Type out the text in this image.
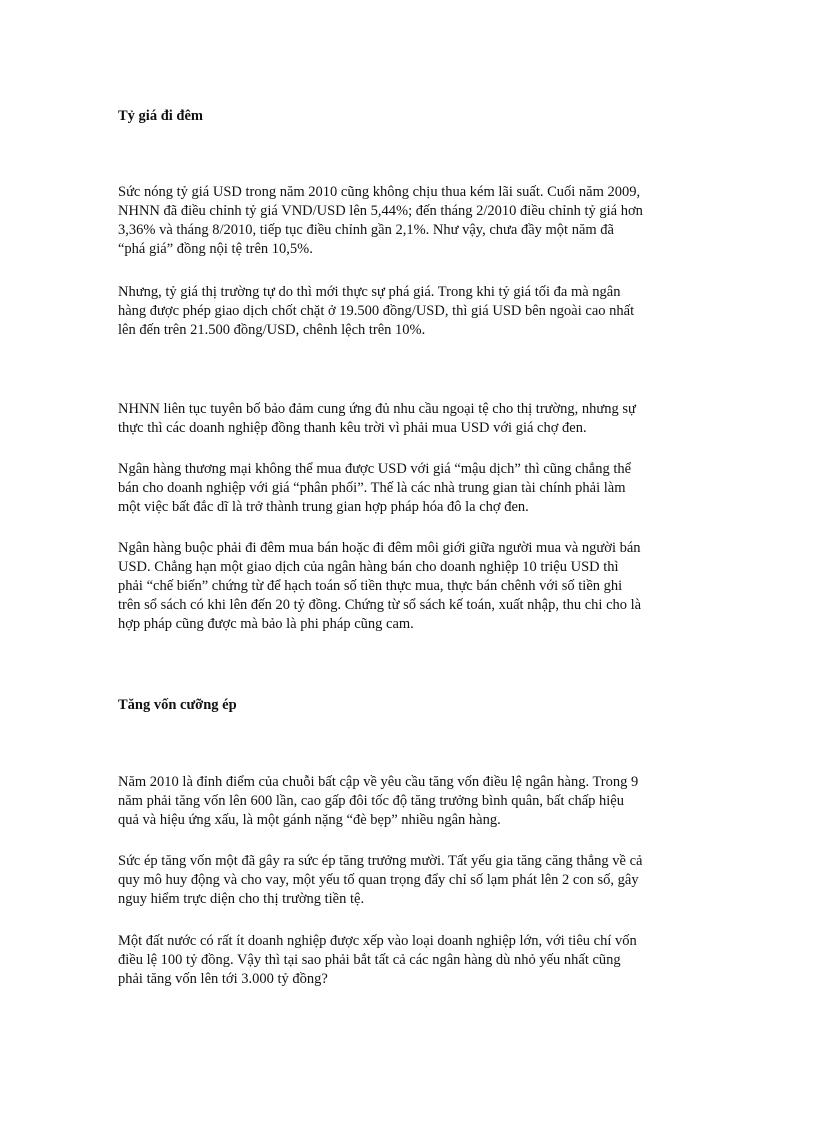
Tỷ giá đi đêm
Sức nóng tỷ giá USD trong năm 2010 cũng không chịu thua kém lãi suất. Cuối năm 2009,
NHNN đã điều chỉnh tỷ giá VND/USD lên 5,44%; đến tháng 2/2010 điều chỉnh tỷ giá hơn
3,36% và tháng 8/2010, tiếp tục điều chỉnh gần 2,1%. Như vậy, chưa đầy một năm đã
“phá giá” đồng nội tệ trên 10,5%.
Nhưng, tỷ giá thị trường tự do thì mới thực sự phá giá. Trong khi tỷ giá tối đa mà ngân
hàng được phép giao dịch chốt chặt ở 19.500 đồng/USD, thì giá USD bên ngoài cao nhất
lên đến trên 21.500 đồng/USD, chênh lệch trên 10%.
NHNN liên tục tuyên bố bảo đảm cung ứng đủ nhu cầu ngoại tệ cho thị trường, nhưng sự
thực thì các doanh nghiệp đồng thanh kêu trời vì phải mua USD với giá chợ đen.
Ngân hàng thương mại không thể mua được USD với giá “mậu dịch” thì cũng chẳng thể
bán cho doanh nghiệp với giá “phân phối”. Thế là các nhà trung gian tài chính phải làm
một việc bất đắc dĩ là trở thành trung gian hợp pháp hóa đô la chợ đen.
Ngân hàng buộc phải đi đêm mua bán hoặc đi đêm môi giới giữa người mua và người bán
USD. Chẳng hạn một giao dịch của ngân hàng bán cho doanh nghiệp 10 triệu USD thì
phải “chế biến” chứng từ để hạch toán số tiền thực mua, thực bán chênh với số tiền ghi
trên sổ sách có khi lên đến 20 tỷ đồng. Chứng từ sổ sách kế toán, xuất nhập, thu chi cho là
hợp pháp cũng được mà bảo là phi pháp cũng cam.
Tăng vốn cưỡng ép
Năm 2010 là đỉnh điểm của chuỗi bất cập về yêu cầu tăng vốn điều lệ ngân hàng. Trong 9
năm phải tăng vốn lên 600 lần, cao gấp đôi tốc độ tăng trưởng bình quân, bất chấp hiệu
quả và hiệu ứng xấu, là một gánh nặng “đè bẹp” nhiều ngân hàng.
Sức ép tăng vốn một đã gây ra sức ép tăng trưởng mười. Tất yếu gia tăng căng thẳng về cả
quy mô huy động và cho vay, một yếu tố quan trọng đẩy chỉ số lạm phát lên 2 con số, gây
nguy hiểm trực diện cho thị trường tiền tệ.
Một đất nước có rất ít doanh nghiệp được xếp vào loại doanh nghiệp lớn, với tiêu chí vốn
điều lệ 100 tỷ đồng. Vậy thì tại sao phải bắt tất cả các ngân hàng dù nhỏ yếu nhất cũng
phải tăng vốn lên tới 3.000 tỷ đồng?
